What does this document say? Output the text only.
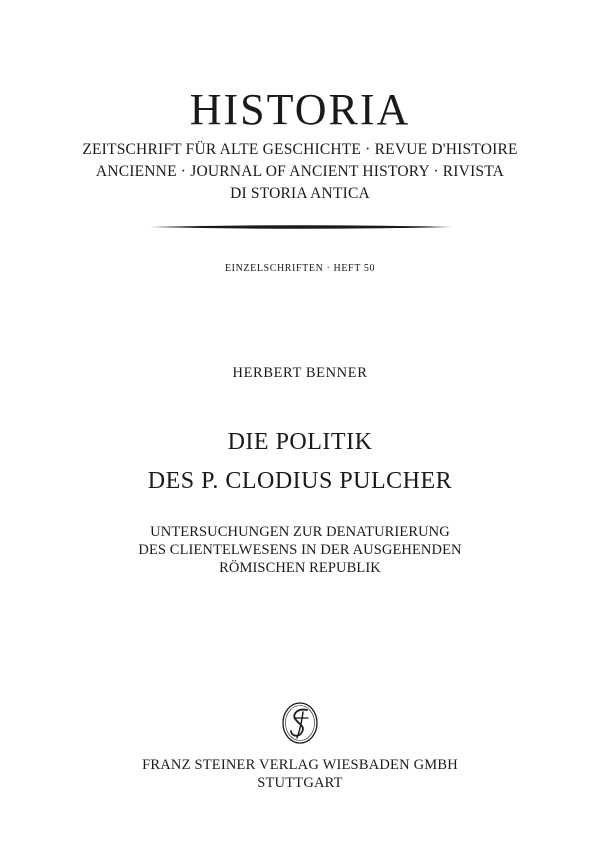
HISTORIA
ZEITSCHRIFT FÜR ALTE GESCHICHTE · REVUE D'HISTOIRE
ANCIENNE · JOURNAL OF ANCIENT HISTORY · RIVISTA
DI STORIA ANTICA
EINZELSCHRIFTEN · HEFT 50
HERBERT BENNER
DIE POLITIK
DES P. CLODIUS PULCHER
UNTERSUCHUNGEN ZUR DENATURIERUNG
DES CLIENTELWESENS IN DER AUSGEHENDEN
RÖMISCHEN REPUBLIK
FRANZ STEINER VERLAG WIESBADEN GMBH
STUTTGART
